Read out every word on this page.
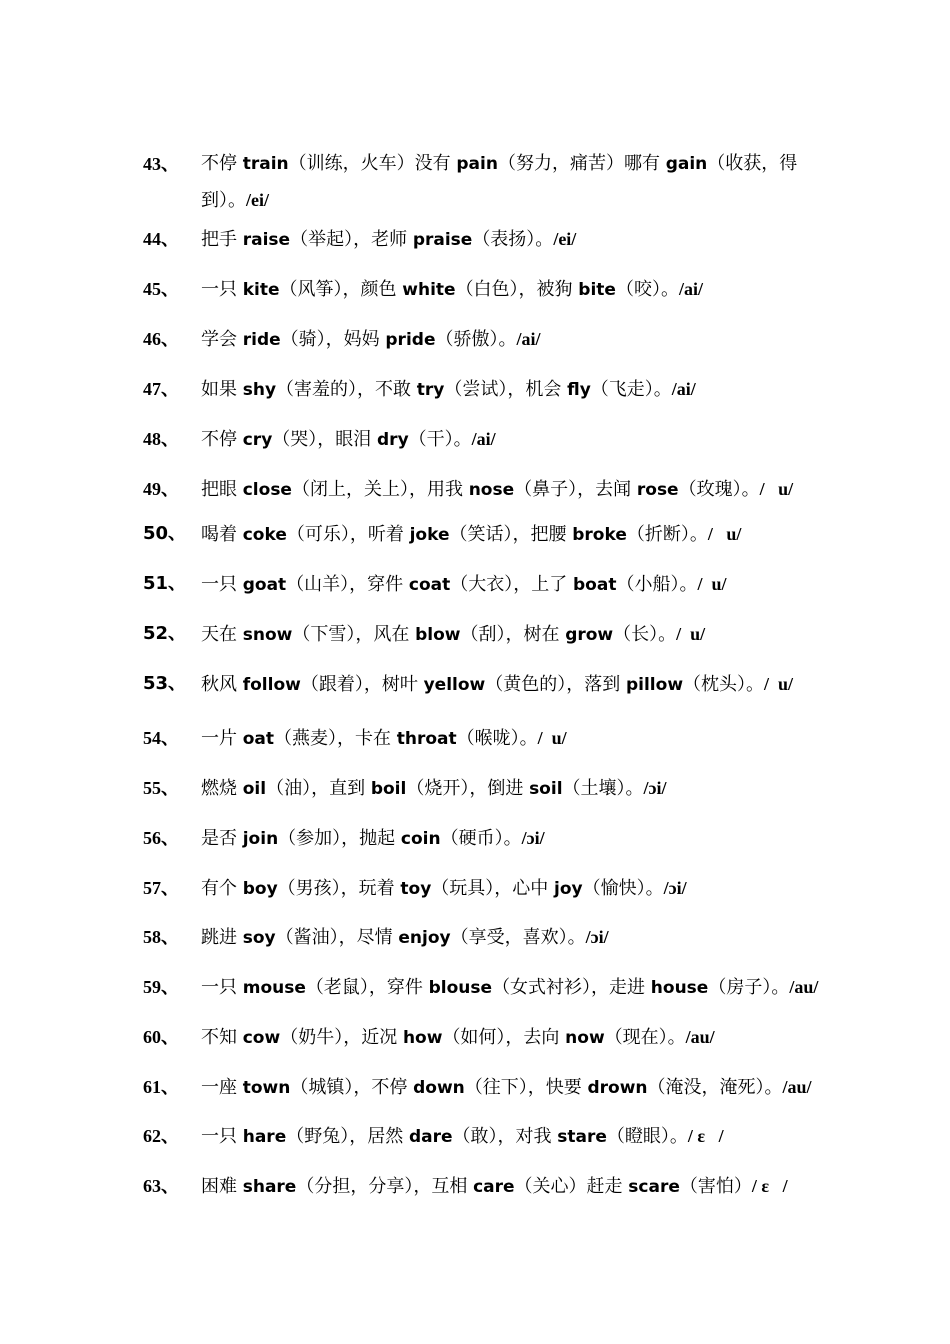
43、 不停 train（训练，火车）没有 pain（努力，痛苦）哪有 gain（收获，得
到）。/ei/
44、 把手 raise（举起），老师 praise（表扬）。/ei/
45、 一只 kite（风筝），颜色 white（白色），被狗 bite（咬）。/ai/
46、 学会 ride（骑），妈妈 pride（骄傲）。/ai/
47、 如果 shy（害羞的），不敢 try（尝试），机会 fly（飞走）。/ai/
48、 不停 cry（哭），眼泪 dry（干）。/ai/
49、 把眼 close（闭上，关上），用我 nose（鼻子），去闻 rose（玫瑰）。/   u/
50、 喝着 coke（可乐），听着 joke（笑话），把腰 broke（折断）。/   u/
51、 一只 goat（山羊），穿件 coat（大衣），上了 boat（小船）。/  u/
52、 天在 snow（下雪），风在 blow（刮），树在 grow（长）。/  u/
53、 秋风 follow（跟着），树叶 yellow（黄色的），落到 pillow（枕头）。/  u/
54、 一片 oat（燕麦），卡在 throat（喉咙）。/  u/
55、 燃烧 oil（油），直到 boil（烧开），倒进 soil（土壤）。/ɔi/
56、 是否 join（参加），抛起 coin（硬币）。/ɔi/
57、 有个 boy（男孩），玩着 toy（玩具），心中 joy（愉快）。/ɔi/
58、 跳进 soy（酱油），尽情 enjoy（享受，喜欢）。/ɔi/
59、 一只 mouse（老鼠），穿件 blouse（女式衬衫），走进 house（房子）。/au/
60、 不知 cow（奶牛），近况 how（如何），去向 now（现在）。/au/
61、 一座 town（城镇），不停 down（往下），快要 drown（淹没，淹死）。/au/
62、 一只 hare（野兔），居然 dare（敢），对我 stare（瞪眼）。/ ε   /
63、 困难 share（分担，分享），互相 care（关心）赶走 scare（害怕）/ ε   /
